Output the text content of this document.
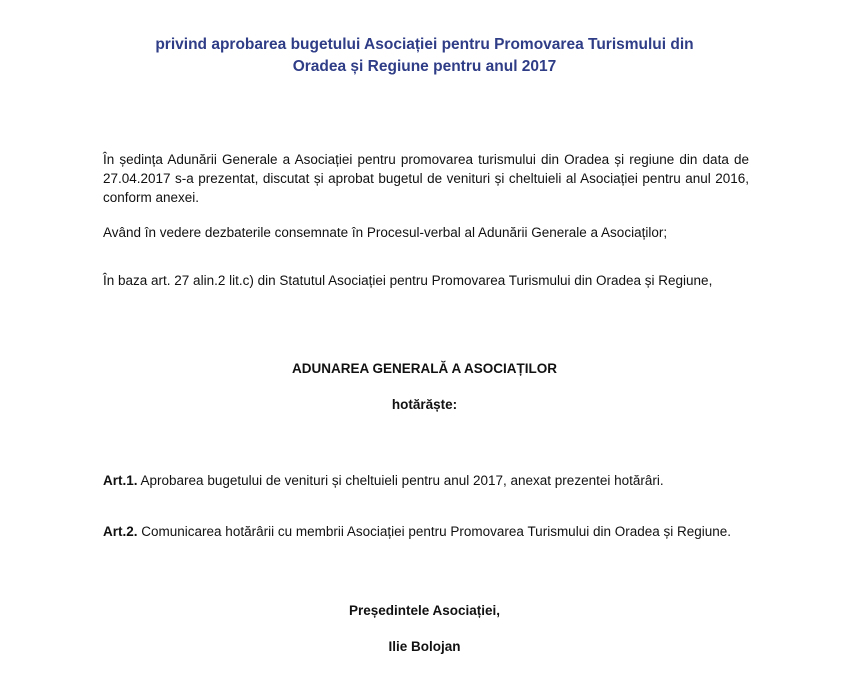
privind aprobarea bugetului Asociației pentru Promovarea Turismului din
Oradea și Regiune pentru anul 2017
În ședința Adunării Generale a Asociației pentru promovarea turismului din Oradea și regiune din data de 27.04.2017 s-a prezentat, discutat și aprobat bugetul de venituri și cheltuieli al Asociației pentru anul 2016, conform anexei.
Având în vedere dezbaterile consemnate în Procesul-verbal al Adunării Generale a Asociaților;
În baza art. 27 alin.2 lit.c) din Statutul Asociației pentru Promovarea Turismului din Oradea și Regiune,
ADUNAREA GENERALĂ A ASOCIAȚILOR
hotărăște:
Art.1. Aprobarea bugetului de venituri și cheltuieli pentru anul 2017, anexat prezentei hotărâri.
Art.2. Comunicarea hotărârii cu membrii Asociației pentru Promovarea Turismului din Oradea și Regiune.
Președintele Asociației,
Ilie Bolojan
